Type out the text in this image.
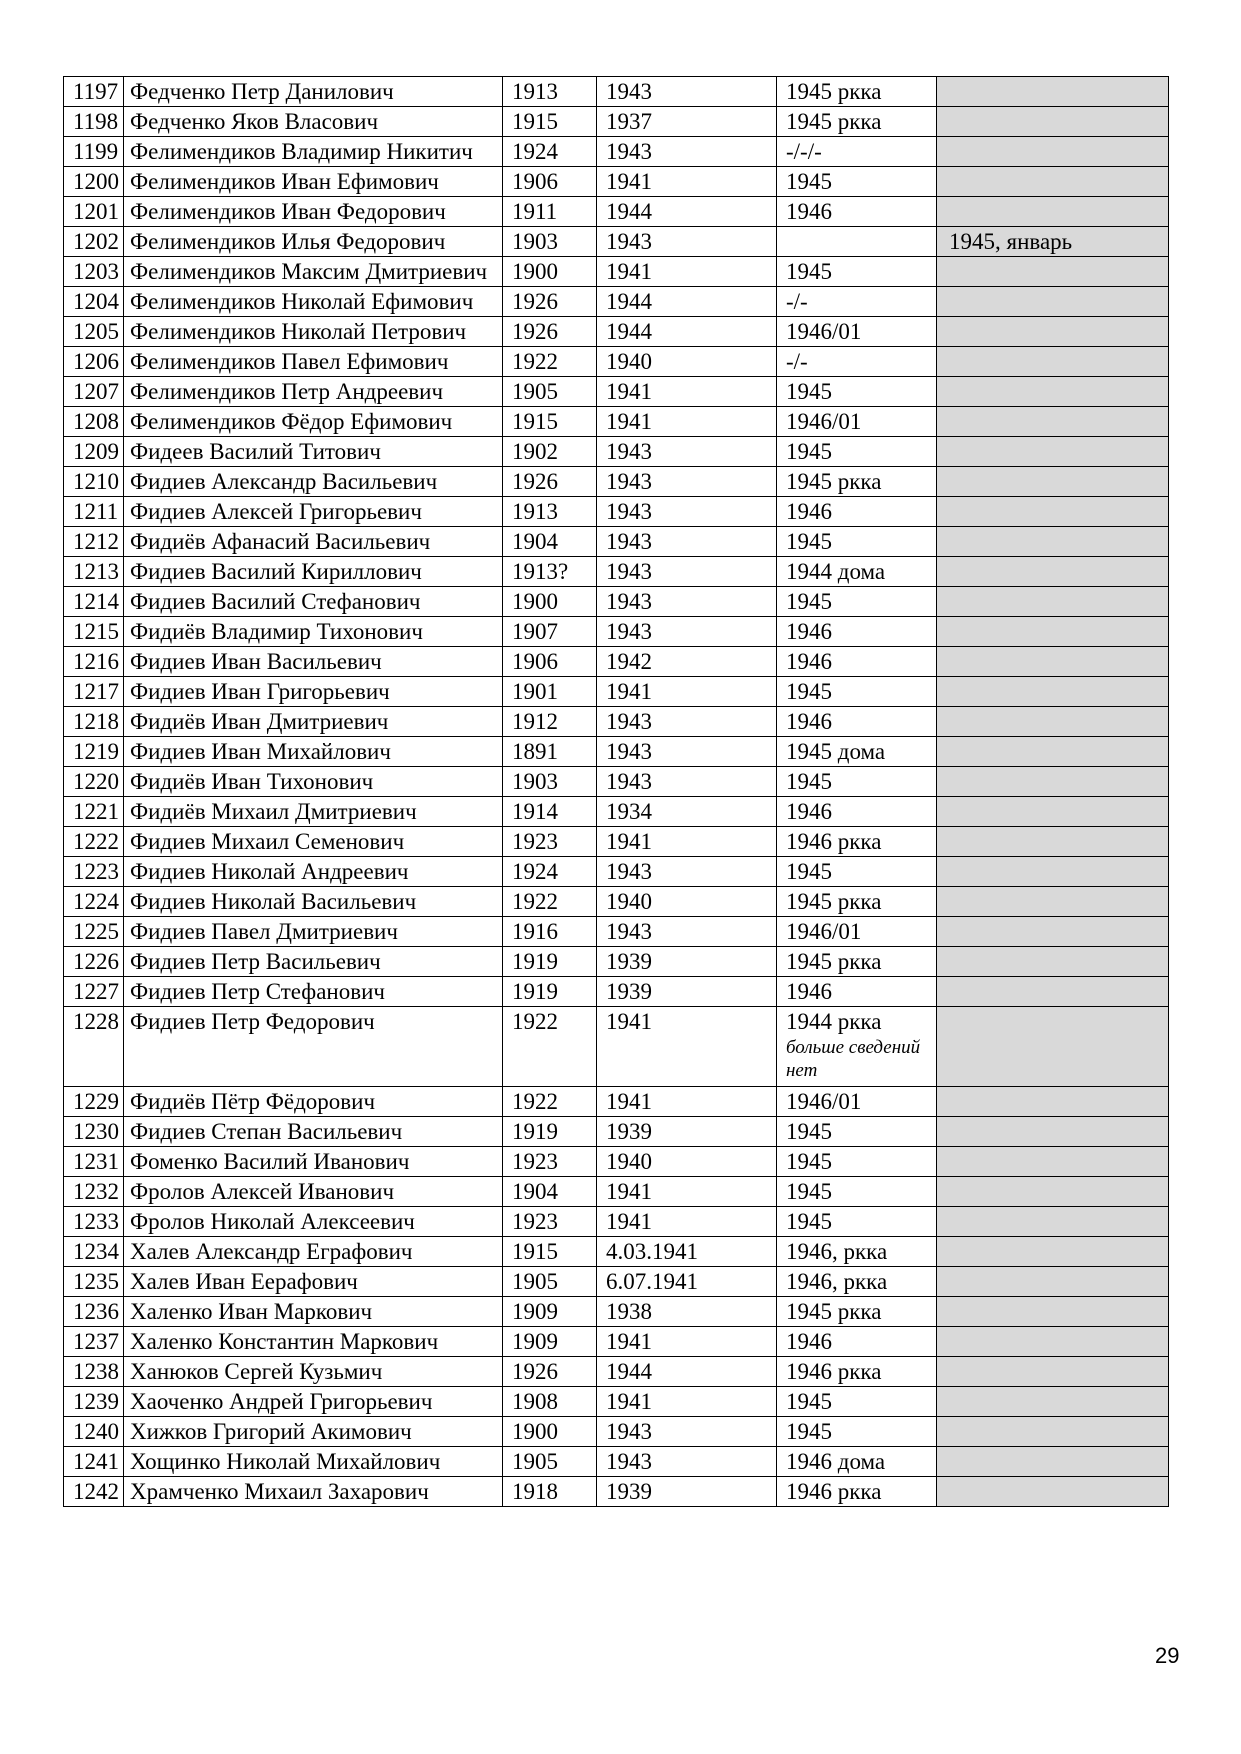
1197	Федченко Петр Данилович	1913	1943	1945 ркка	
1198	Федченко Яков Власович	1915	1937	1945 ркка	
1199	Фелимендиков Владимир Никитич	1924	1943	-/-/-	
1200	Фелимендиков Иван Ефимович	1906	1941	1945	
1201	Фелимендиков Иван Федорович	1911	1944	1946	
1202	Фелимендиков Илья Федорович	1903	1943		1945, январь
1203	Фелимендиков Максим Дмитриевич	1900	1941	1945	
1204	Фелимендиков Николай Ефимович	1926	1944	-/-	
1205	Фелимендиков Николай Петрович	1926	1944	1946/01	
1206	Фелимендиков Павел Ефимович	1922	1940	-/-	
1207	Фелимендиков Петр Андреевич	1905	1941	1945	
1208	Фелимендиков Фёдор Ефимович	1915	1941	1946/01	
1209	Фидеев Василий Титович	1902	1943	1945	
1210	Фидиев Александр Васильевич	1926	1943	1945 ркка	
1211	Фидиев Алексей Григорьевич	1913	1943	1946	
1212	Фидиёв Афанасий Васильевич	1904	1943	1945	
1213	Фидиев Василий Кириллович	1913?	1943	1944 дома	
1214	Фидиев Василий Стефанович	1900	1943	1945	
1215	Фидиёв Владимир Тихонович	1907	1943	1946	
1216	Фидиев Иван Васильевич	1906	1942	1946	
1217	Фидиев Иван Григорьевич	1901	1941	1945	
1218	Фидиёв Иван Дмитриевич	1912	1943	1946	
1219	Фидиев Иван Михайлович	1891	1943	1945 дома	
1220	Фидиёв Иван Тихонович	1903	1943	1945	
1221	Фидиёв Михаил Дмитриевич	1914	1934	1946	
1222	Фидиев Михаил Семенович	1923	1941	1946 ркка	
1223	Фидиев Николай Андреевич	1924	1943	1945	
1224	Фидиев Николай Васильевич	1922	1940	1945 ркка	
1225	Фидиев Павел Дмитриевич	1916	1943	1946/01	
1226	Фидиев Петр Васильевич	1919	1939	1945 ркка	
1227	Фидиев Петр Стефанович	1919	1939	1946	
1228	Фидиев Петр Федорович	1922	1941	1944 ркка
больше сведений нет	

1229	Фидиёв Пётр Фёдорович	1922	1941	1946/01	
1230	Фидиев Степан Васильевич	1919	1939	1945	
1231	Фоменко Василий Иванович	1923	1940	1945	
1232	Фролов Алексей Иванович	1904	1941	1945	
1233	Фролов Николай Алексеевич	1923	1941	1945	
1234	Халев Александр Еграфович	1915	4.03.1941	1946, ркка	
1235	Халев Иван Еерафович	1905	6.07.1941	1946, ркка	
1236	Халенко Иван Маркович	1909	1938	1945 ркка	
1237	Халенко Константин Маркович	1909	1941	1946	
1238	Ханюков Сергей Кузьмич	1926	1944	1946 ркка	
1239	Хаоченко Андрей Григорьевич	1908	1941	1945	
1240	Хижков Григорий Акимович	1900	1943	1945	
1241	Хощинко Николай Михайлович	1905	1943	1946 дома	
1242	Храмченко Михаил Захарович	1918	1939	1946 ркка	
29
